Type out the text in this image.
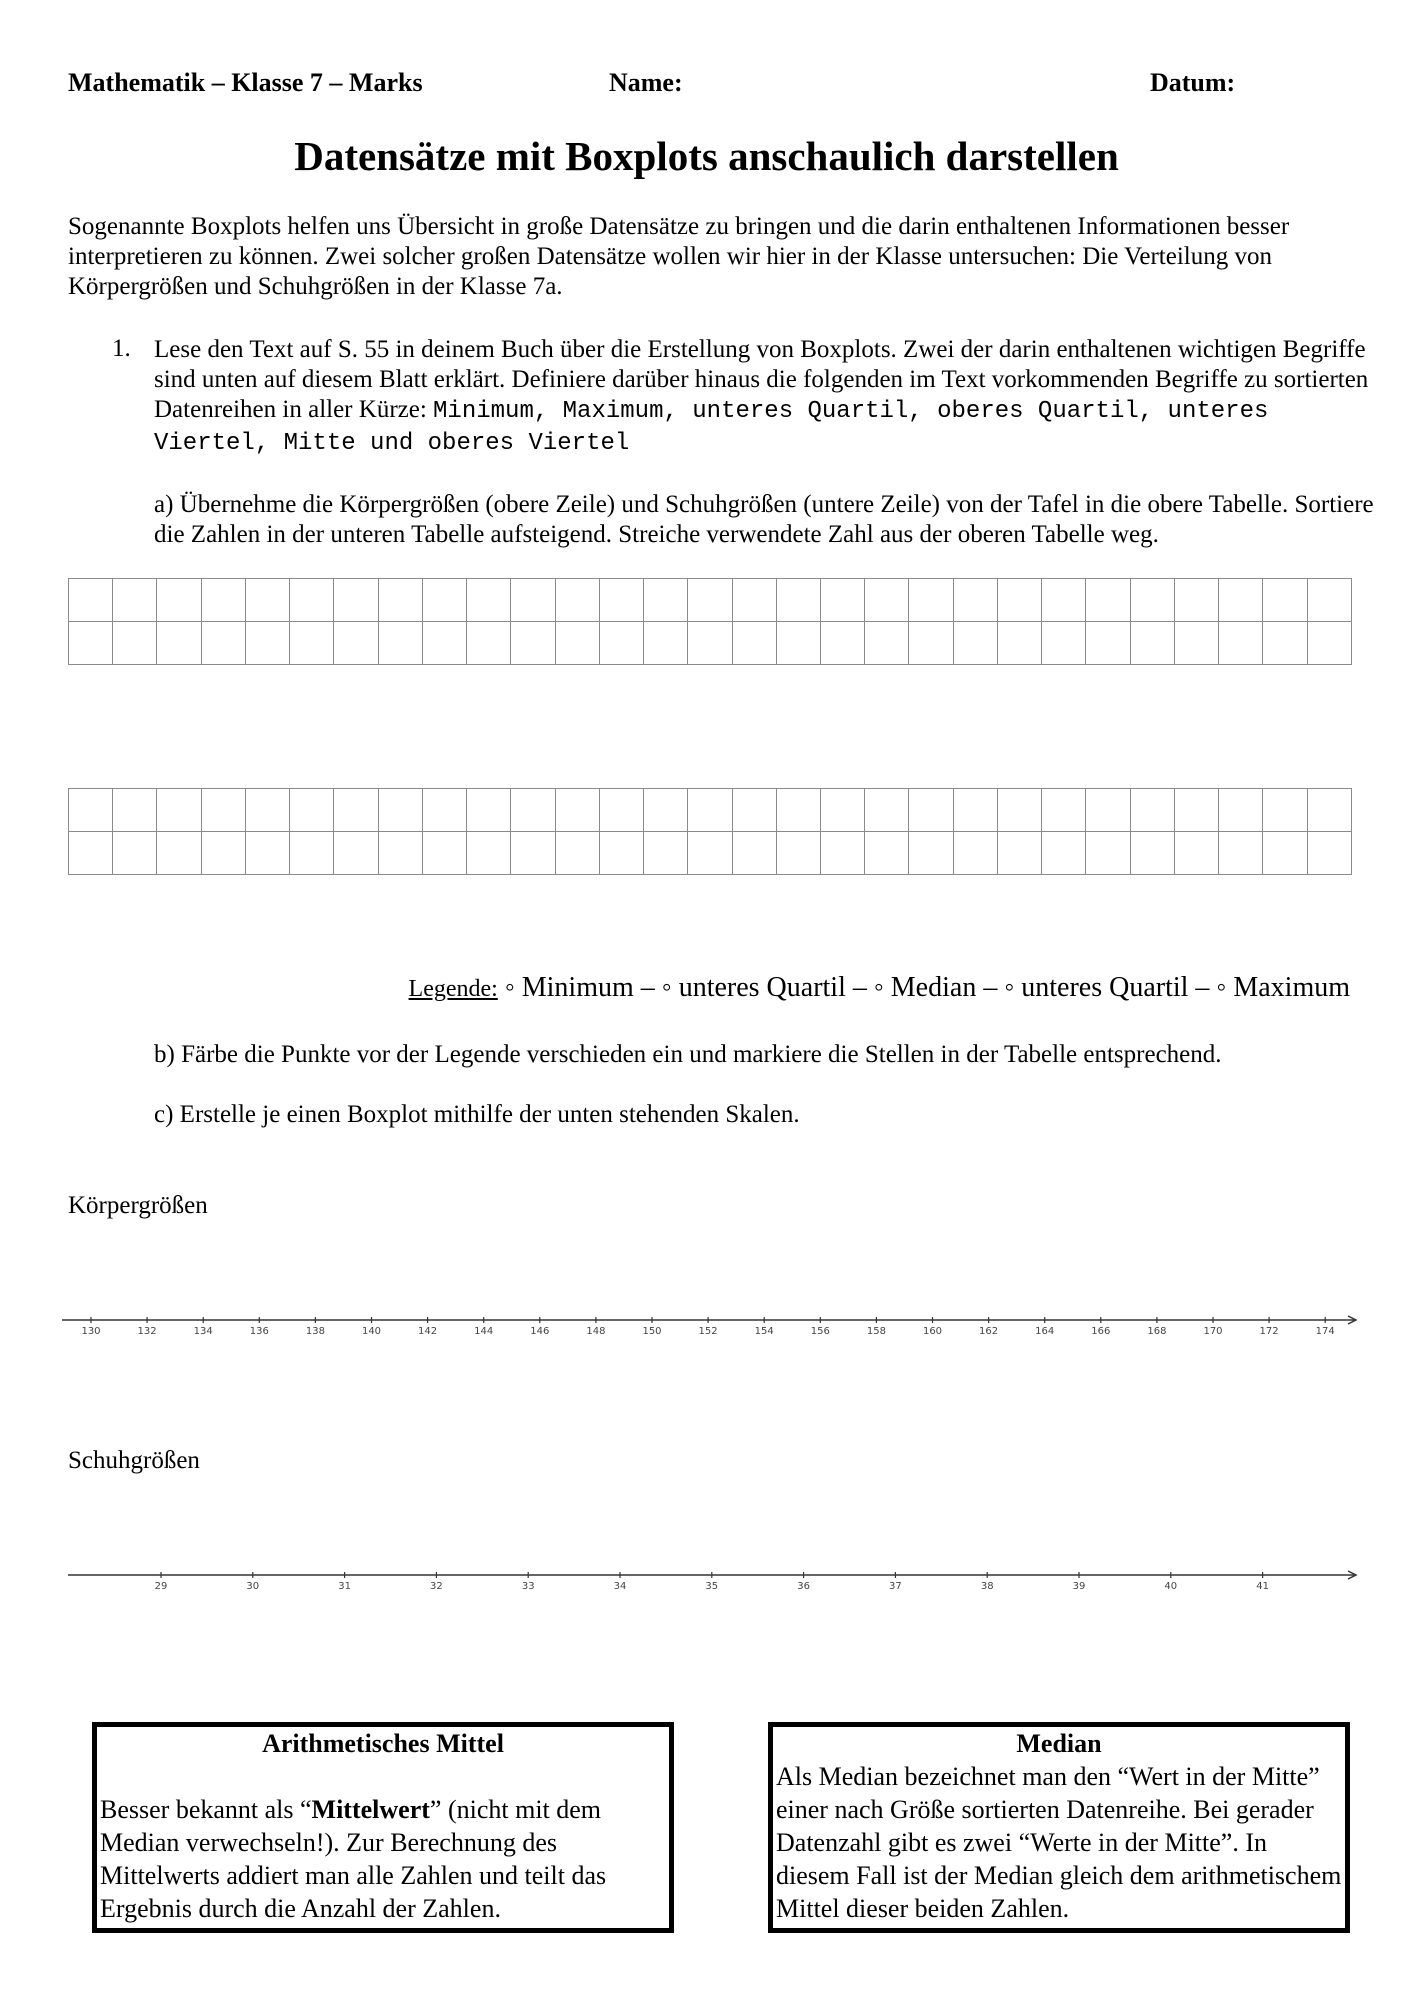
Mathematik – Klasse 7 – Marks	Name:	Datum:
Datensätze mit Boxplots anschaulich darstellen
Sogenannte Boxplots helfen uns Übersicht in große Datensätze zu bringen und die darin enthaltenen Informationen besser interpretieren zu können. Zwei solcher großen Datensätze wollen wir hier in der Klasse untersuchen: Die Verteilung von Körpergrößen und Schuhgrößen in der Klasse 7a.
1. Lese den Text auf S. 55 in deinem Buch über die Erstellung von Boxplots. Zwei der darin enthaltenen wichtigen Begriffe sind unten auf diesem Blatt erklärt. Definiere darüber hinaus die folgenden im Text vorkommenden Begriffe zu sortierten Datenreihen in aller Kürze: Minimum, Maximum, unteres Quartil, oberes Quartil, unteres Viertel, Mitte und oberes Viertel
a) Übernehme die Körpergrößen (obere Zeile) und Schuhgrößen (untere Zeile) von der Tafel in die obere Tabelle. Sortiere die Zahlen in der unteren Tabelle aufsteigend. Streiche verwendete Zahl aus der oberen Tabelle weg.

Legende: ◦ Minimum – ◦ unteres Quartil – ◦ Median – ◦ unteres Quartil – ◦ Maximum
b) Färbe die Punkte vor der Legende verschieden ein und markiere die Stellen in der Tabelle entsprechend.
c) Erstelle je einen Boxplot mithilfe der unten stehenden Skalen.
Körpergrößen
130	132	134	136	138	140	142	144	146	148	150	152	154	156	158	160	162	164	166	168	170	172	174
Schuhgrößen
29	30	31	32	33	34	35	36	37	38	39	40	41
Arithmetisches Mittel
Besser bekannt als “Mittelwert” (nicht mit dem Median verwechseln!). Zur Berechnung des Mittelwerts addiert man alle Zahlen und teilt das Ergebnis durch die Anzahl der Zahlen.
Median
Als Median bezeichnet man den “Wert in der Mitte” einer nach Größe sortierten Datenreihe. Bei gerader Datenzahl gibt es zwei “Werte in der Mitte”. In diesem Fall ist der Median gleich dem arithmetischem Mittel dieser beiden Zahlen.
